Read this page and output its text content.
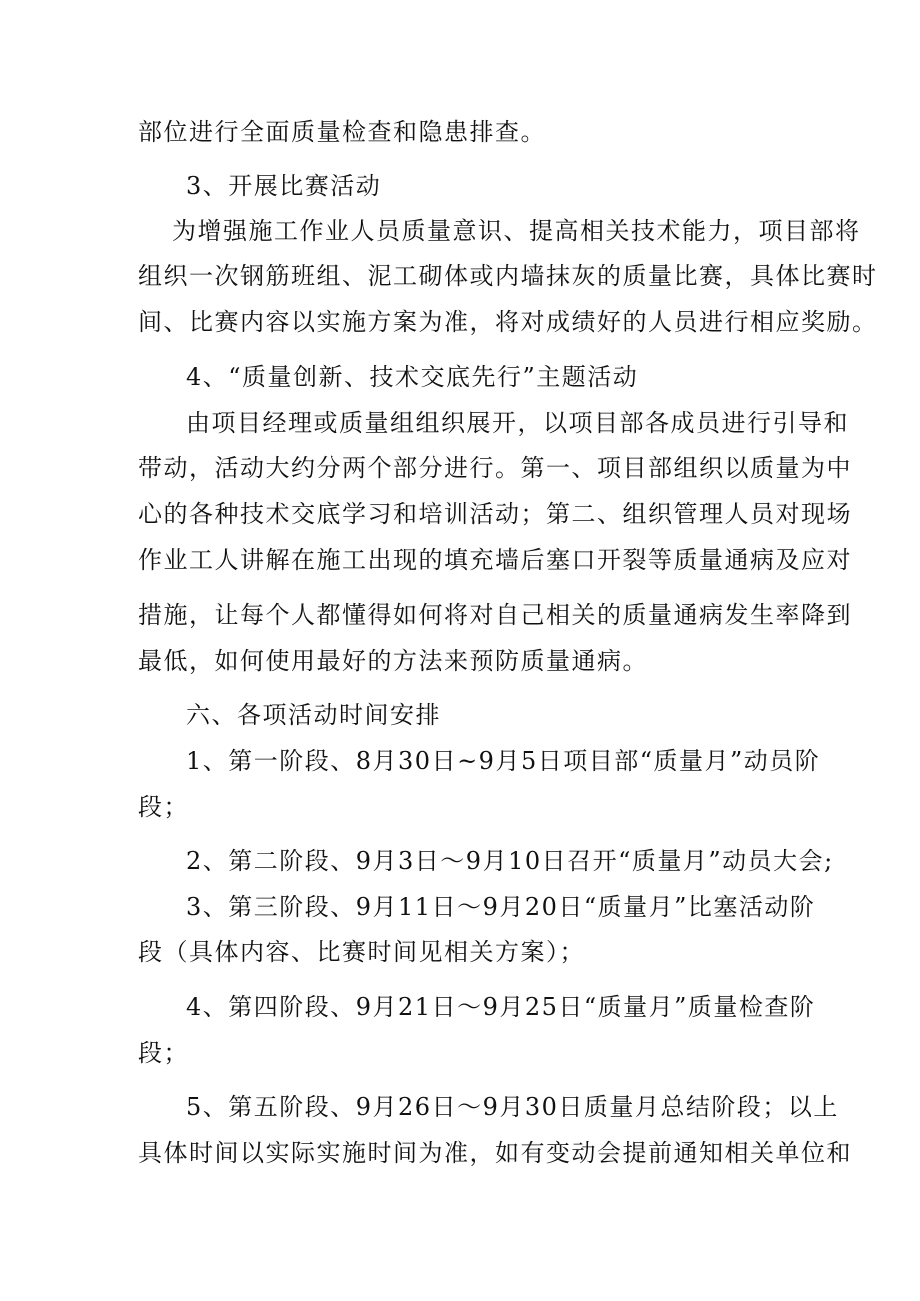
部位进行全面质量检查和隐患排查。
3、开展比赛活动
为增强施工作业人员质量意识、提高相关技术能力，项目部将
组织一次钢筋班组、泥工砌体或内墙抹灰的质量比赛，具体比赛时
间、比赛内容以实施方案为准，将对成绩好的人员进行相应奖励。
4、“质量创新、技术交底先行”主题活动
由项目经理或质量组组织展开，以项目部各成员进行引导和
带动，活动大约分两个部分进行。第一、项目部组织以质量为中
心的各种技术交底学习和培训活动；第二、组织管理人员对现场
作业工人讲解在施工出现的填充墙后塞口开裂等质量通病及应对
措施，让每个人都懂得如何将对自己相关的质量通病发生率降到
最低，如何使用最好的方法来预防质量通病。
六、各项活动时间安排
1、第一阶段、8月30日~9月5日项目部“质量月”动员阶
段；
2、第二阶段、9月3日～9月10日召开“质量月”动员大会;
3、第三阶段、9月11日～9月20日“质量月”比塞活动阶
段（具体内容、比赛时间见相关方案）；
4、第四阶段、9月21日～9月25日“质量月”质量检查阶
段；
5、第五阶段、9月26日～9月30日质量月总结阶段；以上
具体时间以实际实施时间为准，如有变动会提前通知相关单位和
